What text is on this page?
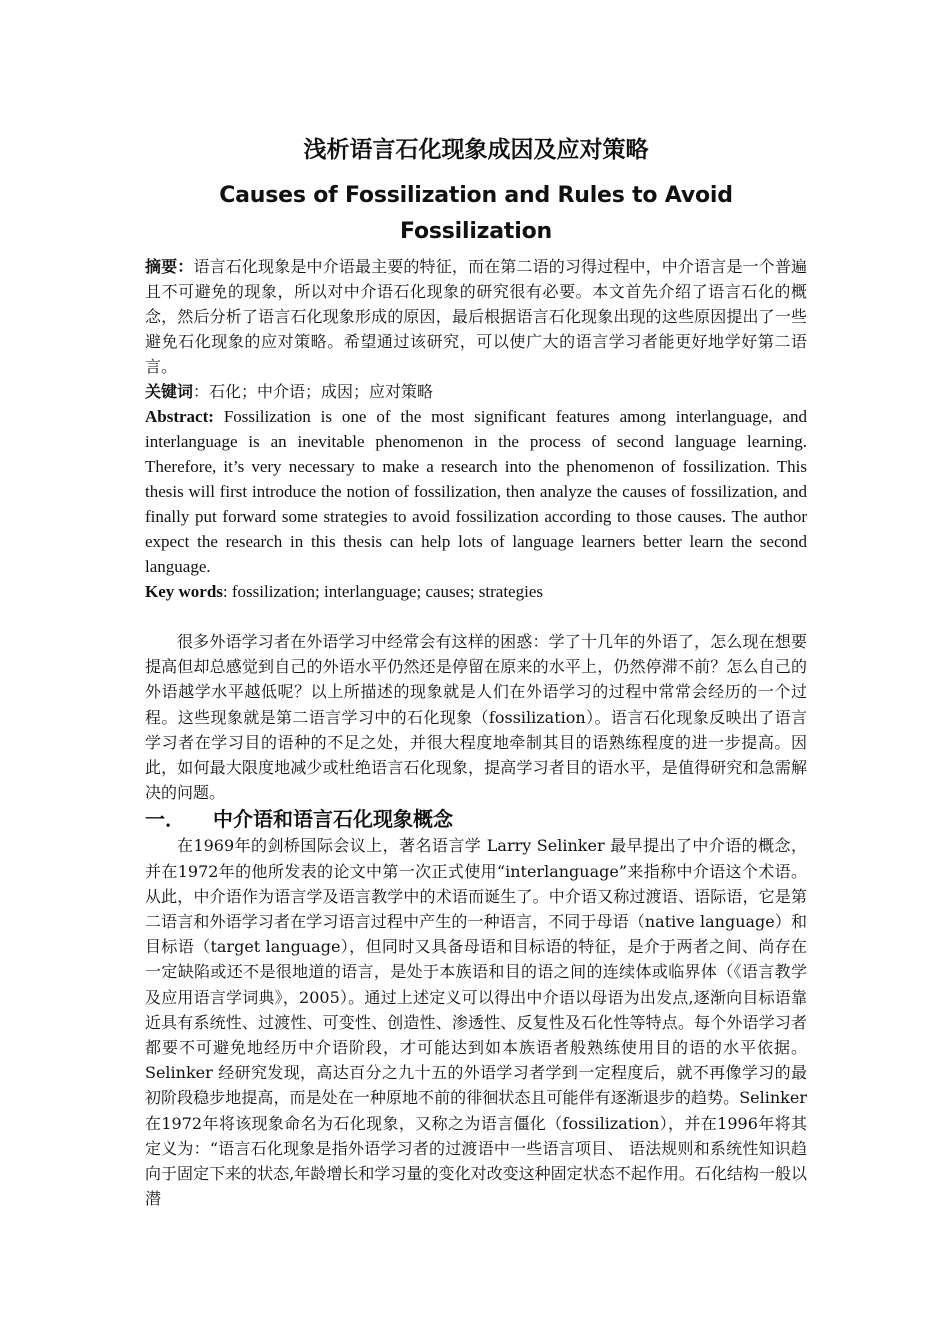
浅析语言石化现象成因及应对策略
Causes of Fossilization and Rules to Avoid Fossilization

摘要：语言石化现象是中介语最主要的特征，而在第二语的习得过程中，中介语言是一个普遍且不可避免的现象，所以对中介语石化现象的研究很有必要。本文首先介绍了语言石化的概念，然后分析了语言石化现象形成的原因，最后根据语言石化现象出现的这些原因提出了一些避免石化现象的应对策略。希望通过该研究，可以使广大的语言学习者能更好地学好第二语言。

关键词：石化；中介语；成因；应对策略

Abstract: Fossilization is one of the most significant features among interlanguage, and interlanguage is an inevitable phenomenon in the process of second language learning. Therefore, it’s very necessary to make a research into the phenomenon of fossilization. This thesis will first introduce the notion of fossilization, then analyze the causes of fossilization, and finally put forward some strategies to avoid fossilization according to those causes. The author expect the research in this thesis can help lots of language learners better learn the second language.

Key words: fossilization; interlanguage; causes; strategies

很多外语学习者在外语学习中经常会有这样的困惑：学了十几年的外语了，怎么现在想要提高但却总感觉到自己的外语水平仍然还是停留在原来的水平上，仍然停滞不前？怎么自己的外语越学水平越低呢？以上所描述的现象就是人们在外语学习的过程中常常会经历的一个过程。这些现象就是第二语言学习中的石化现象（fossilization）。语言石化现象反映出了语言学习者在学习目的语种的不足之处，并很大程度地牵制其目的语熟练程度的进一步提高。因此，如何最大限度地减少或杜绝语言石化现象，提高学习者目的语水平，是值得研究和急需解决的问题。

一．	中介语和语言石化现象概念

在1969年的剑桥国际会议上，著名语言学 Larry Selinker 最早提出了中介语的概念，并在1972年的他所发表的论文中第一次正式使用“interlanguage”来指称中介语这个术语。从此，中介语作为语言学及语言教学中的术语而诞生了。中介语又称过渡语、语际语，它是第二语言和外语学习者在学习语言过程中产生的一种语言，不同于母语（native language）和目标语（target language），但同时又具备母语和目标语的特征，是介于两者之间、尚存在一定缺陷或还不是很地道的语言，是处于本族语和目的语之间的连续体或临界体（《语言教学及应用语言学词典》，2005）。通过上述定义可以得出中介语以母语为出发点,逐渐向目标语靠近具有系统性、过渡性、可变性、创造性、渗透性、反复性及石化性等特点。每个外语学习者都要不可避免地经历中介语阶段，才可能达到如本族语者般熟练使用目的语的水平依据。Selinker 经研究发现，高达百分之九十五的外语学习者学到一定程度后，就不再像学习的最初阶段稳步地提高，而是处在一种原地不前的徘徊状态且可能伴有逐渐退步的趋势。Selinker 在1972年将该现象命名为石化现象，又称之为语言僵化（fossilization），并在1996年将其定义为：“语言石化现象是指外语学习者的过渡语中一些语言项目、 语法规则和系统性知识趋向于固定下来的状态,年龄增长和学习量的变化对改变这种固定状态不起作用。石化结构一般以潜
